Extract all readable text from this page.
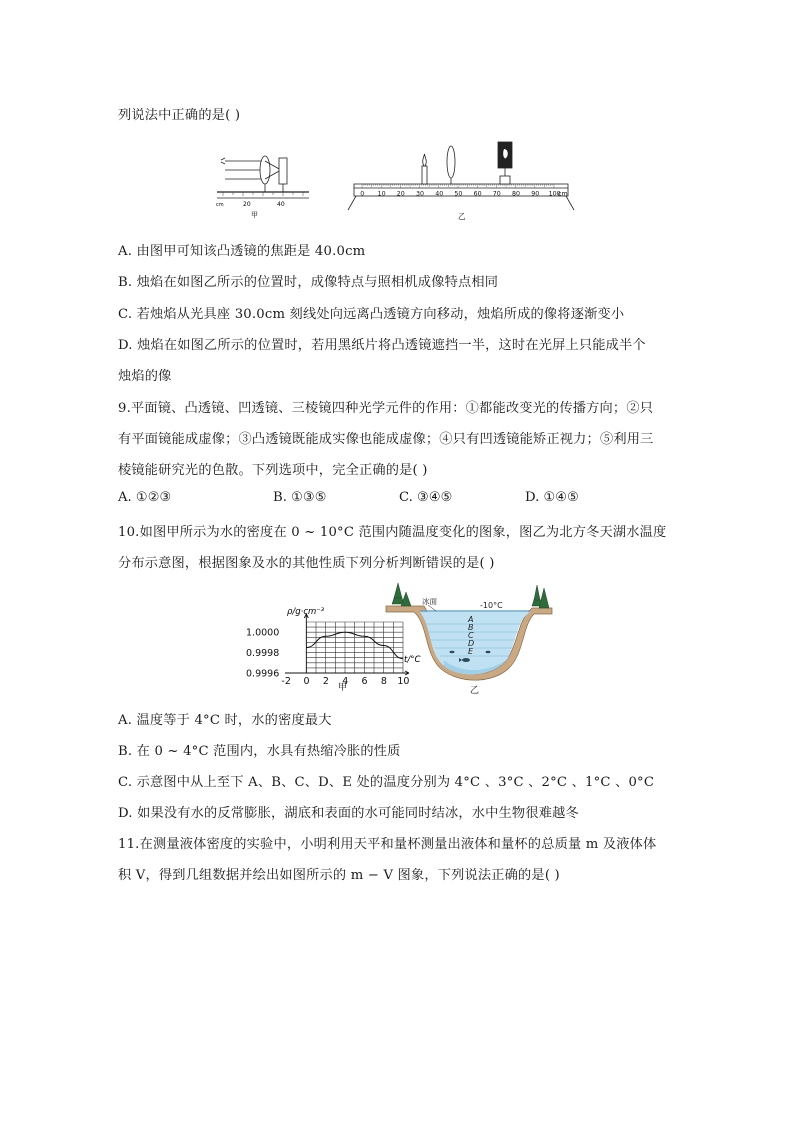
列说法中正确的是( )
cm	20	40
甲
0 10 20 30 40 50 60 70 80 90 100
cm
乙
A. 由图甲可知该凸透镜的焦距是 40.0cm
B. 烛焰在如图乙所示的位置时，成像特点与照相机成像特点相同
C. 若烛焰从光具座 30.0cm 刻线处向远离凸透镜方向移动，烛焰所成的像将逐渐变小
D. 烛焰在如图乙所示的位置时，若用黑纸片将凸透镜遮挡一半，这时在光屏上只能成半个
烛焰的像
9.平面镜、凸透镜、凹透镜、三棱镜四种光学元件的作用：①都能改变光的传播方向；②只
有平面镜能成虚像；③凸透镜既能成实像也能成虚像；④只有凹透镜能矫正视力；⑤利用三
棱镜能研究光的色散。下列选项中，完全正确的是( )
A. ①②③	B. ①③⑤	C. ③④⑤	D. ①④⑤
10.如图甲所示为水的密度在 0 ~ 10°C 范围内随温度变化的图象，图乙为北方冬天湖水温度
分布示意图，根据图象及水的其他性质下列分析判断错误的是( )
1.0000
0.9998
0.9996
-2 0 2 4 6 8 10
ρ/g·cm⁻³
t/°C
甲
冰面	-10°C
A
B
C
D
E
乙
A. 温度等于 4°C 时，水的密度最大
B. 在 0 ~ 4°C 范围内，水具有热缩冷胀的性质
C. 示意图中从上至下 A、B、C、D、E 处的温度分别为 4°C 、3°C 、2°C 、1°C 、0°C
D. 如果没有水的反常膨胀，湖底和表面的水可能同时结冰，水中生物很难越冬
11.在测量液体密度的实验中，小明利用天平和量杯测量出液体和量杯的总质量 m 及液体体
积 V，得到几组数据并绘出如图所示的 m − V 图象，下列说法正确的是( )
